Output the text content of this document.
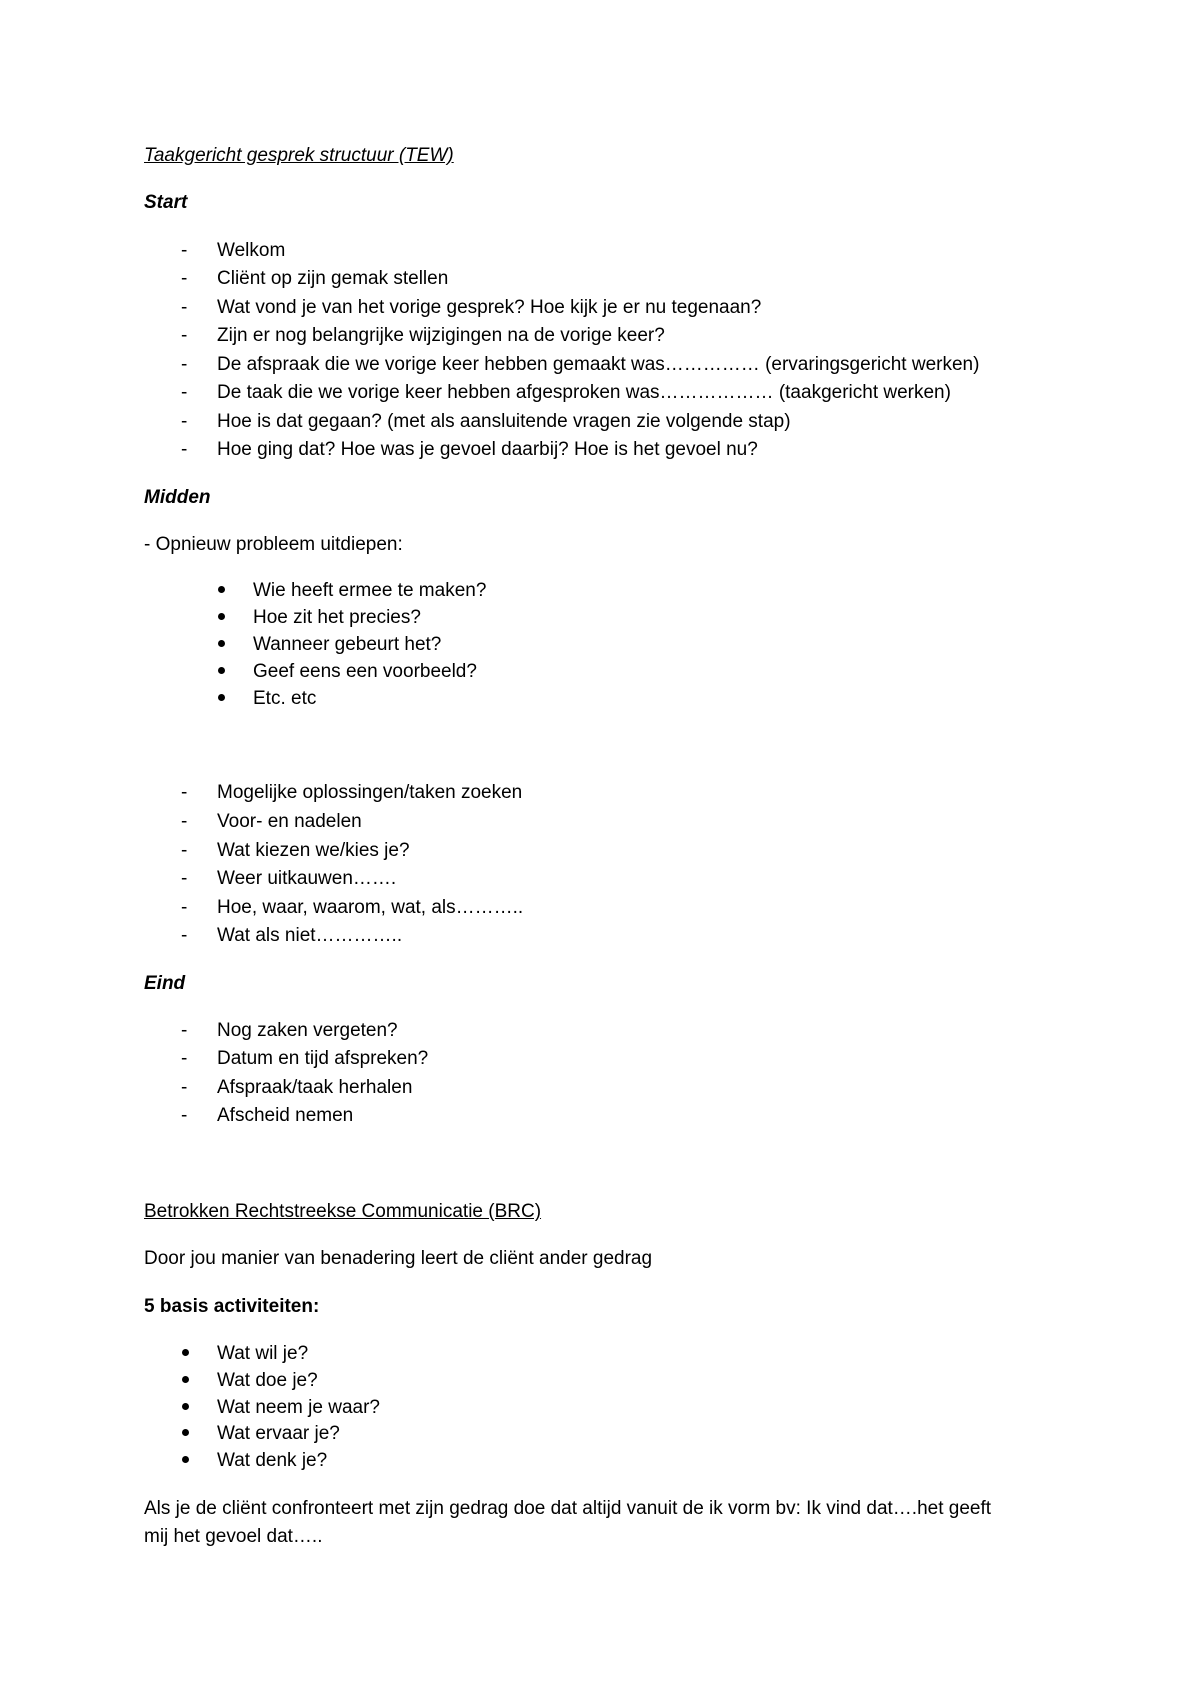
Taakgericht gesprek structuur (TEW)
Start
- Welkom
- Cliënt op zijn gemak stellen
- Wat vond je van het vorige gesprek? Hoe kijk je er nu tegenaan?
- Zijn er nog belangrijke wijzigingen na de vorige keer?
- De afspraak die we vorige keer hebben gemaakt was…………… (ervaringsgericht werken)
- De taak die we vorige keer hebben afgesproken was……………… (taakgericht werken)
- Hoe is dat gegaan? (met als aansluitende vragen zie volgende stap)
- Hoe ging dat? Hoe was je gevoel daarbij? Hoe is het gevoel nu?
Midden
- Opnieuw probleem uitdiepen:
Wie heeft ermee te maken?
Hoe zit het precies?
Wanneer gebeurt het?
Geef eens een voorbeeld?
Etc. etc
- Mogelijke oplossingen/taken zoeken
- Voor- en nadelen
- Wat kiezen we/kies je?
- Weer uitkauwen…….
- Hoe, waar, waarom, wat, als………..
- Wat als niet…………..
Eind
- Nog zaken vergeten?
- Datum en tijd afspreken?
- Afspraak/taak herhalen
- Afscheid nemen
Betrokken Rechtstreekse Communicatie (BRC)
Door jou manier van benadering leert de cliënt ander gedrag
5 basis activiteiten:
Wat wil je?
Wat doe je?
Wat neem je waar?
Wat ervaar je?
Wat denk je?
Als je de cliënt confronteert met zijn gedrag doe dat altijd vanuit de ik vorm bv: Ik vind dat….het geeft
mij het gevoel dat…..
